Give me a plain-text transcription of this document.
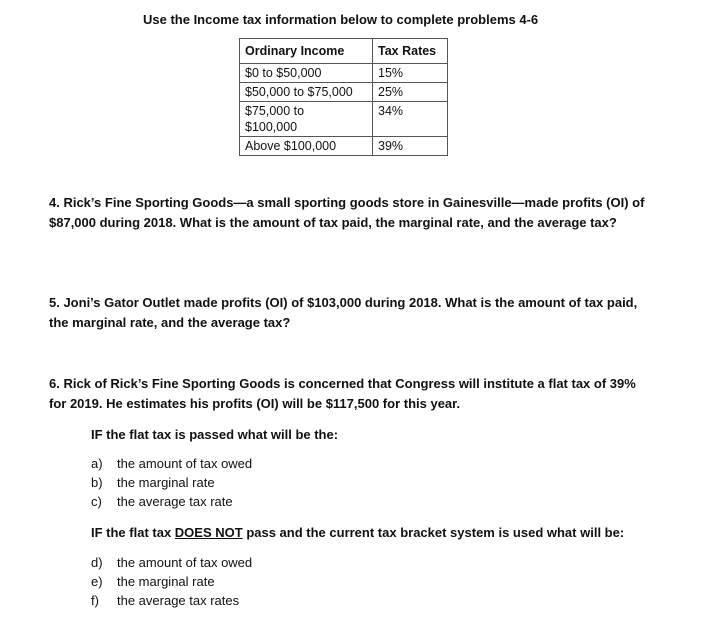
Use the Income tax information below to complete problems 4-6
Ordinary Income	Tax Rates
$0 to $50,000	15%
$50,000 to $75,000	25%

$75,000 to
$100,000	34%
Above $100,000	39%
4. Rick’s Fine Sporting Goods—a small sporting goods store in Gainesville—made profits (OI) of $87,000 during 2018. What is the amount of tax paid, the marginal rate, and the average tax?
5. Joni’s Gator Outlet made profits (OI) of $103,000 during 2018. What is the amount of tax paid, the marginal rate, and the average tax?
6. Rick of Rick’s Fine Sporting Goods is concerned that Congress will institute a flat tax of 39% for 2019. He estimates his profits (OI) will be $117,500 for this year.
IF the flat tax is passed what will be the:
a)	the amount of tax owed
b)	the marginal rate
c)	the average tax rate
IF the flat tax DOES NOT pass and the current tax bracket system is used what will be:
d)	the amount of tax owed
e)	the marginal rate
f)	the average tax rates
